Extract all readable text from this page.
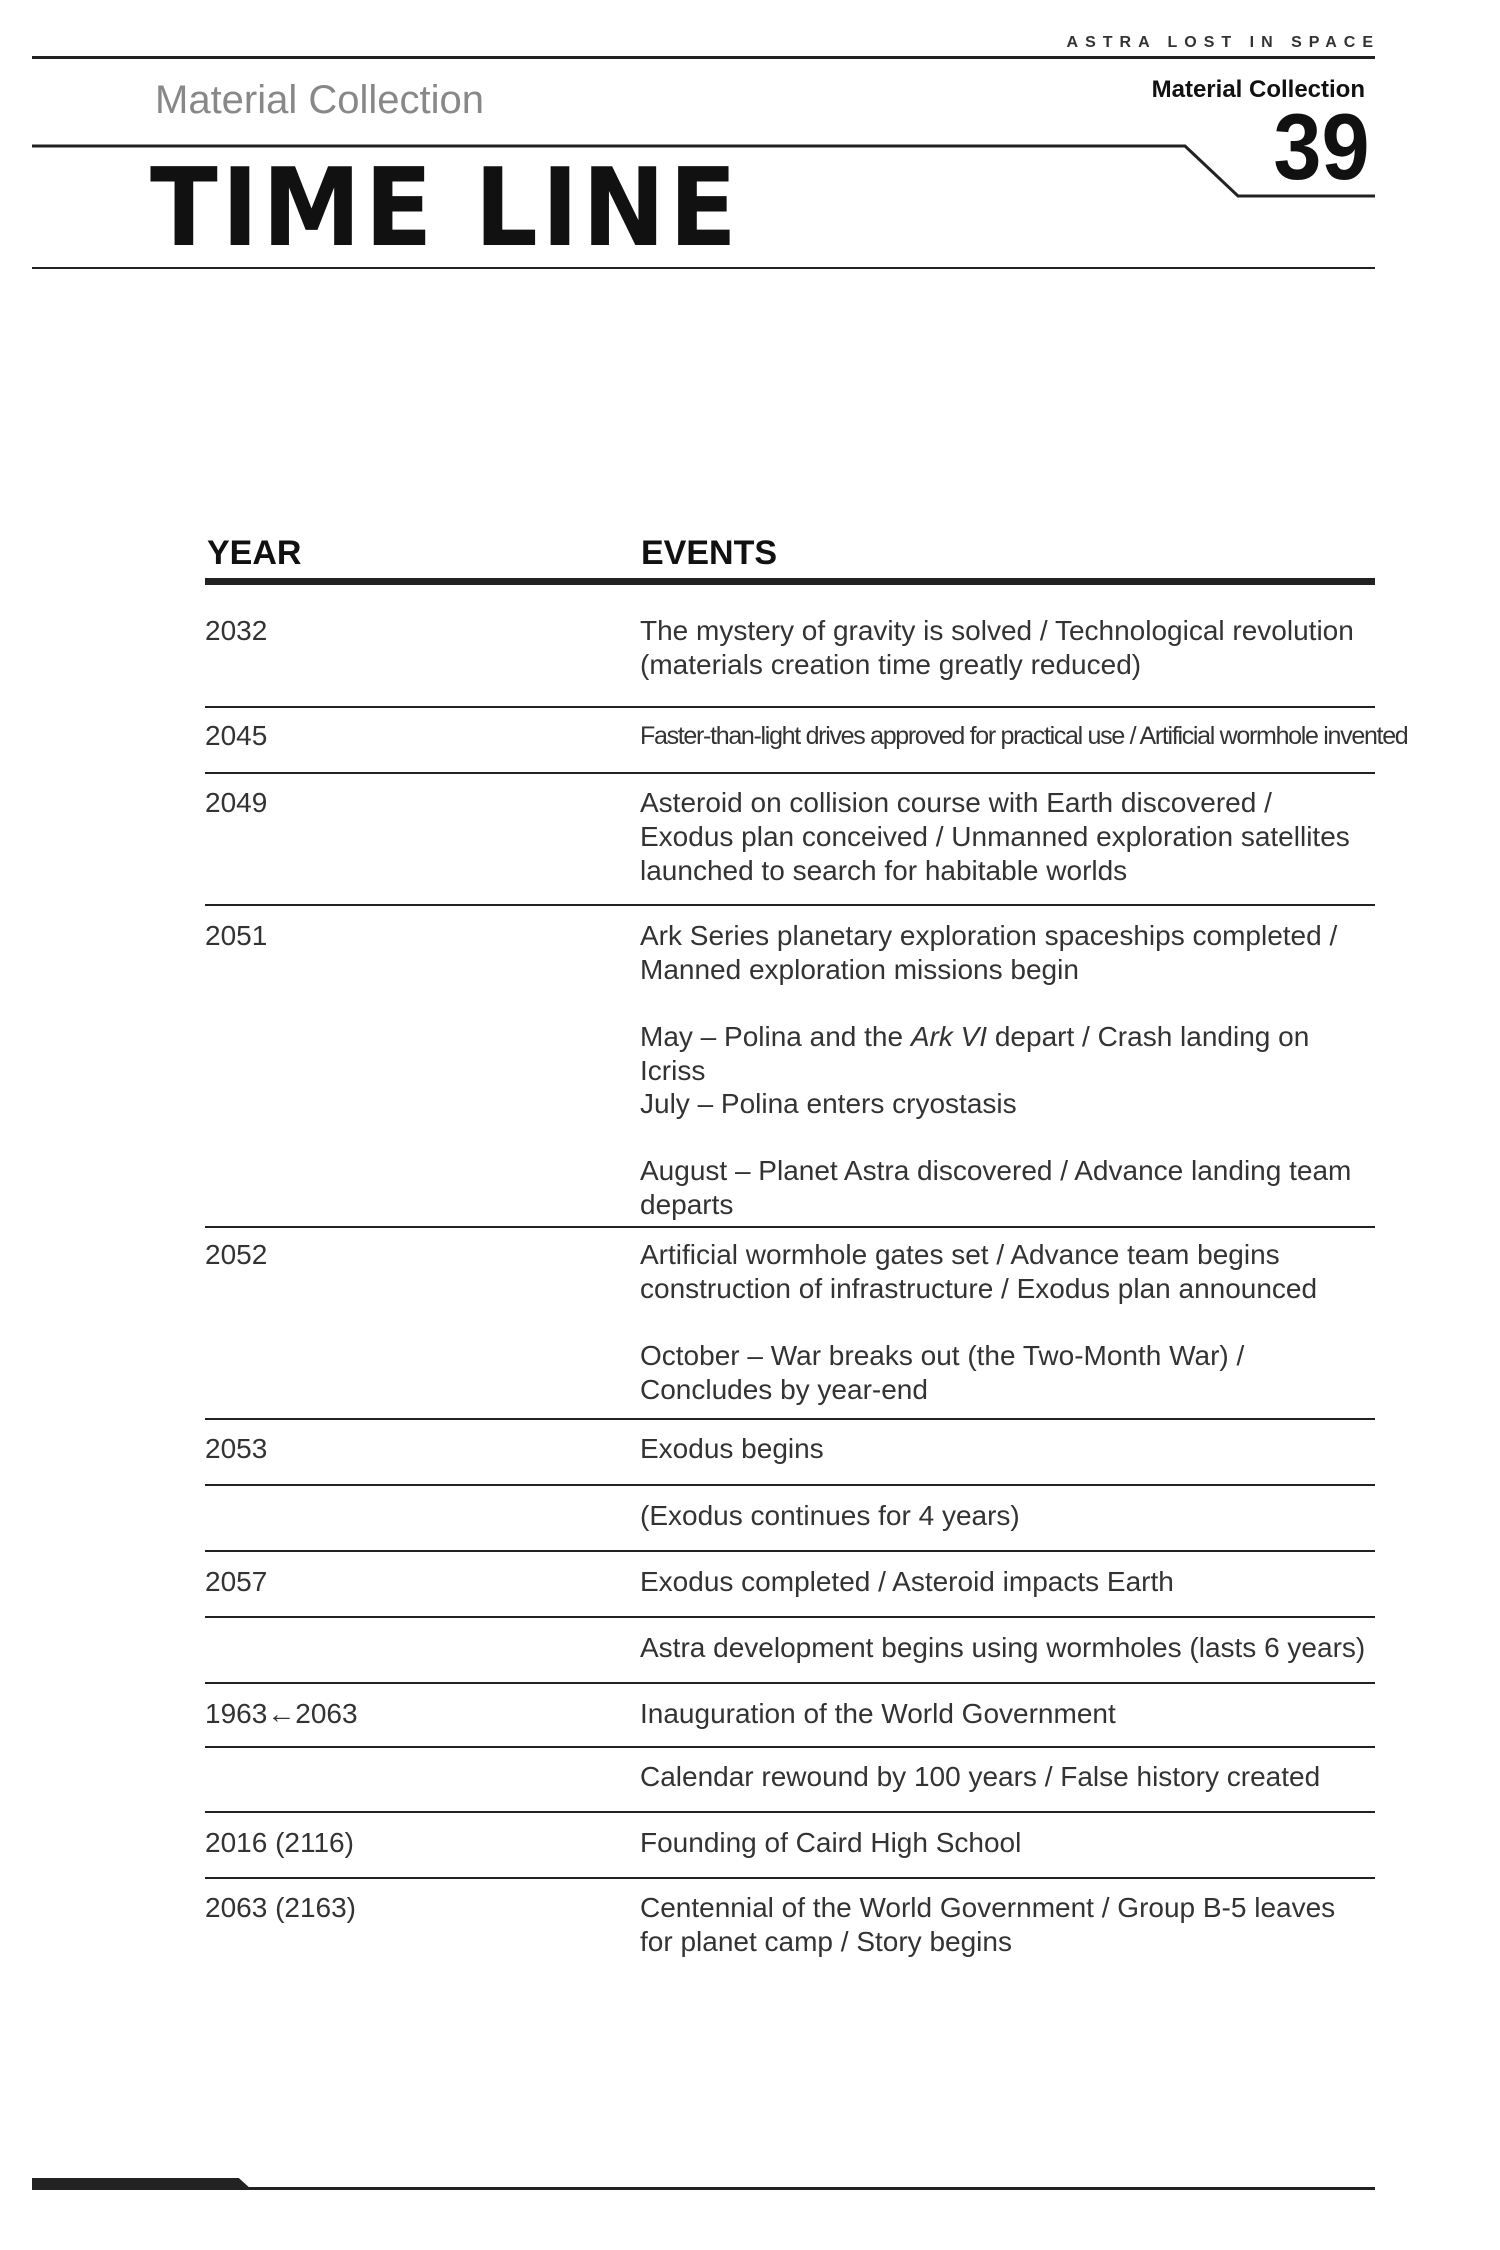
ASTRA LOST IN SPACE
Material Collection	Material Collection
39
TIME LINE
YEAR	EVENTS
2032	The mystery of gravity is solved / Technological revolution (materials creation time greatly reduced)
2045	Faster-than-light drives approved for practical use / Artificial wormhole invented
2049	Asteroid on collision course with Earth discovered / Exodus plan conceived / Unmanned exploration satellites launched to search for habitable worlds
2051	Ark Series planetary exploration spaceships completed / Manned exploration missions begin
May – Polina and the Ark VI depart / Crash landing on Icriss
July – Polina enters cryostasis
August – Planet Astra discovered / Advance landing team departs
2052	Artificial wormhole gates set / Advance team begins construction of infrastructure / Exodus plan announced
October – War breaks out (the Two-Month War) / Concludes by year-end
2053	Exodus begins
(Exodus continues for 4 years)
2057	Exodus completed / Asteroid impacts Earth
Astra development begins using wormholes (lasts 6 years)
1963←2063	Inauguration of the World Government
Calendar rewound by 100 years / False history created
2016 (2116)	Founding of Caird High School
2063 (2163)	Centennial of the World Government / Group B-5 leaves for planet camp / Story begins
